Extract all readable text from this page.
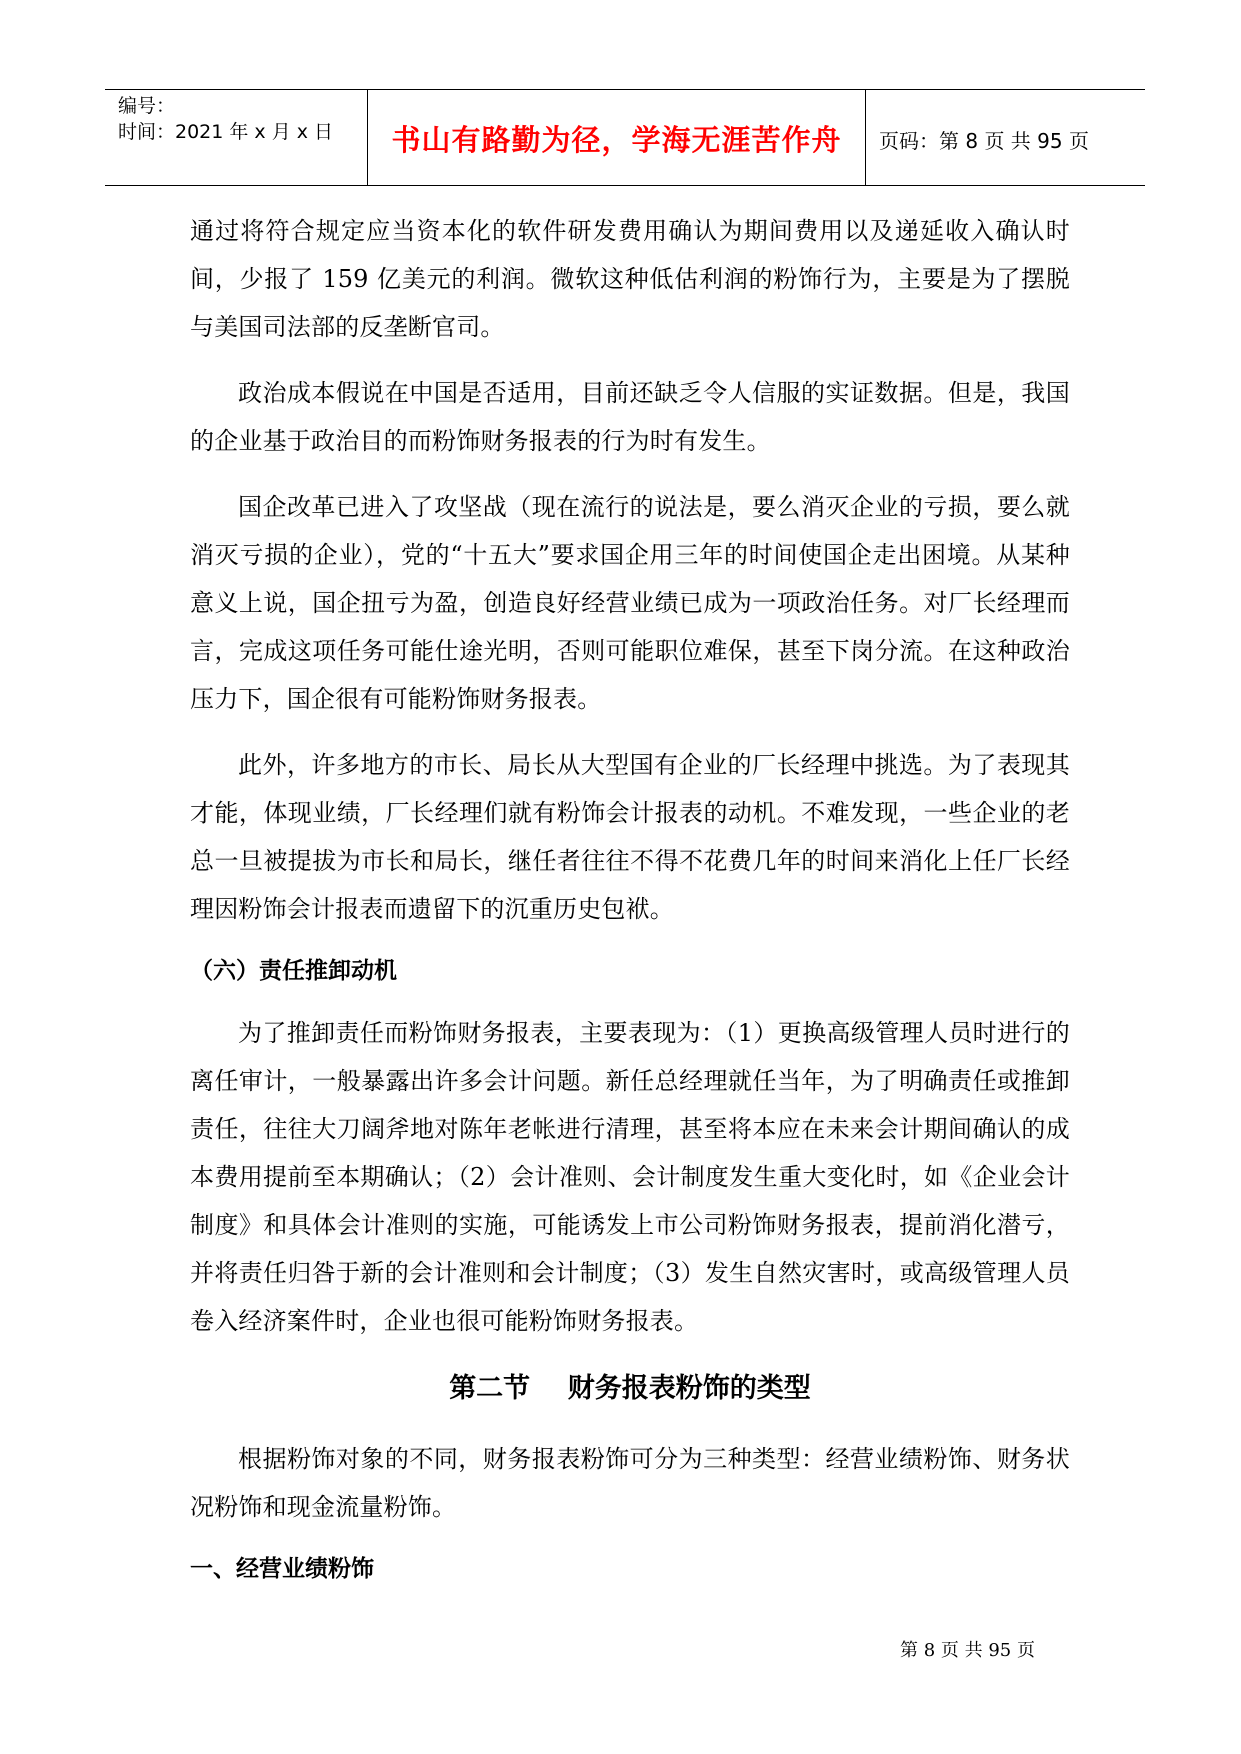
编号：
时间：2021 年 x 月 x 日	书山有路勤为径，学海无涯苦作舟	页码：第 8 页 共 95 页

通过将符合规定应当资本化的软件研发费用确认为期间费用以及递延收入确认时间，少报了 159 亿美元的利润。微软这种低估利润的粉饰行为，主要是为了摆脱与美国司法部的反垄断官司。

政治成本假说在中国是否适用，目前还缺乏令人信服的实证数据。但是，我国的企业基于政治目的而粉饰财务报表的行为时有发生。

国企改革已进入了攻坚战（现在流行的说法是，要么消灭企业的亏损，要么就消灭亏损的企业），党的“十五大”要求国企用三年的时间使国企走出困境。从某种意义上说，国企扭亏为盈，创造良好经营业绩已成为一项政治任务。对厂长经理而言，完成这项任务可能仕途光明，否则可能职位难保，甚至下岗分流。在这种政治压力下，国企很有可能粉饰财务报表。

此外，许多地方的市长、局长从大型国有企业的厂长经理中挑选。为了表现其才能，体现业绩，厂长经理们就有粉饰会计报表的动机。不难发现，一些企业的老总一旦被提拔为市长和局长，继任者往往不得不花费几年的时间来消化上任厂长经理因粉饰会计报表而遗留下的沉重历史包袱。

（六）责任推卸动机

为了推卸责任而粉饰财务报表，主要表现为：（1）更换高级管理人员时进行的离任审计，一般暴露出许多会计问题。新任总经理就任当年，为了明确责任或推卸责任，往往大刀阔斧地对陈年老帐进行清理，甚至将本应在未来会计期间确认的成本费用提前至本期确认；（2）会计准则、会计制度发生重大变化时，如《企业会计制度》和具体会计准则的实施，可能诱发上市公司粉饰财务报表，提前消化潜亏，并将责任归咎于新的会计准则和会计制度；（3）发生自然灾害时，或高级管理人员卷入经济案件时，企业也很可能粉饰财务报表。

第二节    财务报表粉饰的类型

根据粉饰对象的不同，财务报表粉饰可分为三种类型：经营业绩粉饰、财务状况粉饰和现金流量粉饰。

一、经营业绩粉饰
第 8 页 共 95 页
